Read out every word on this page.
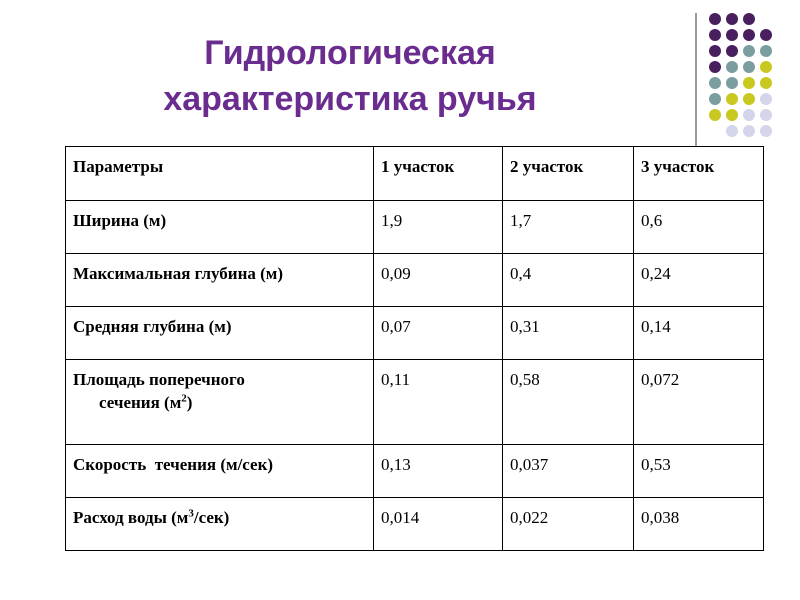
Гидрологическая
характеристика ручья
Параметры	1 участок	2 участок	3 участок
Ширина (м)	1,9	1,7	0,6
Максимальная глубина (м)	0,09	0,4	0,24
Средняя глубина (м)	0,07	0,31	0,14
Площадь поперечного
сечения $(м^2)$	0,11	0,58	0,072
Скорость  течения (м/сек)	0,13	0,037	0,53
Расход воды $(м^3/сек)$	0,014	0,022	0,038
